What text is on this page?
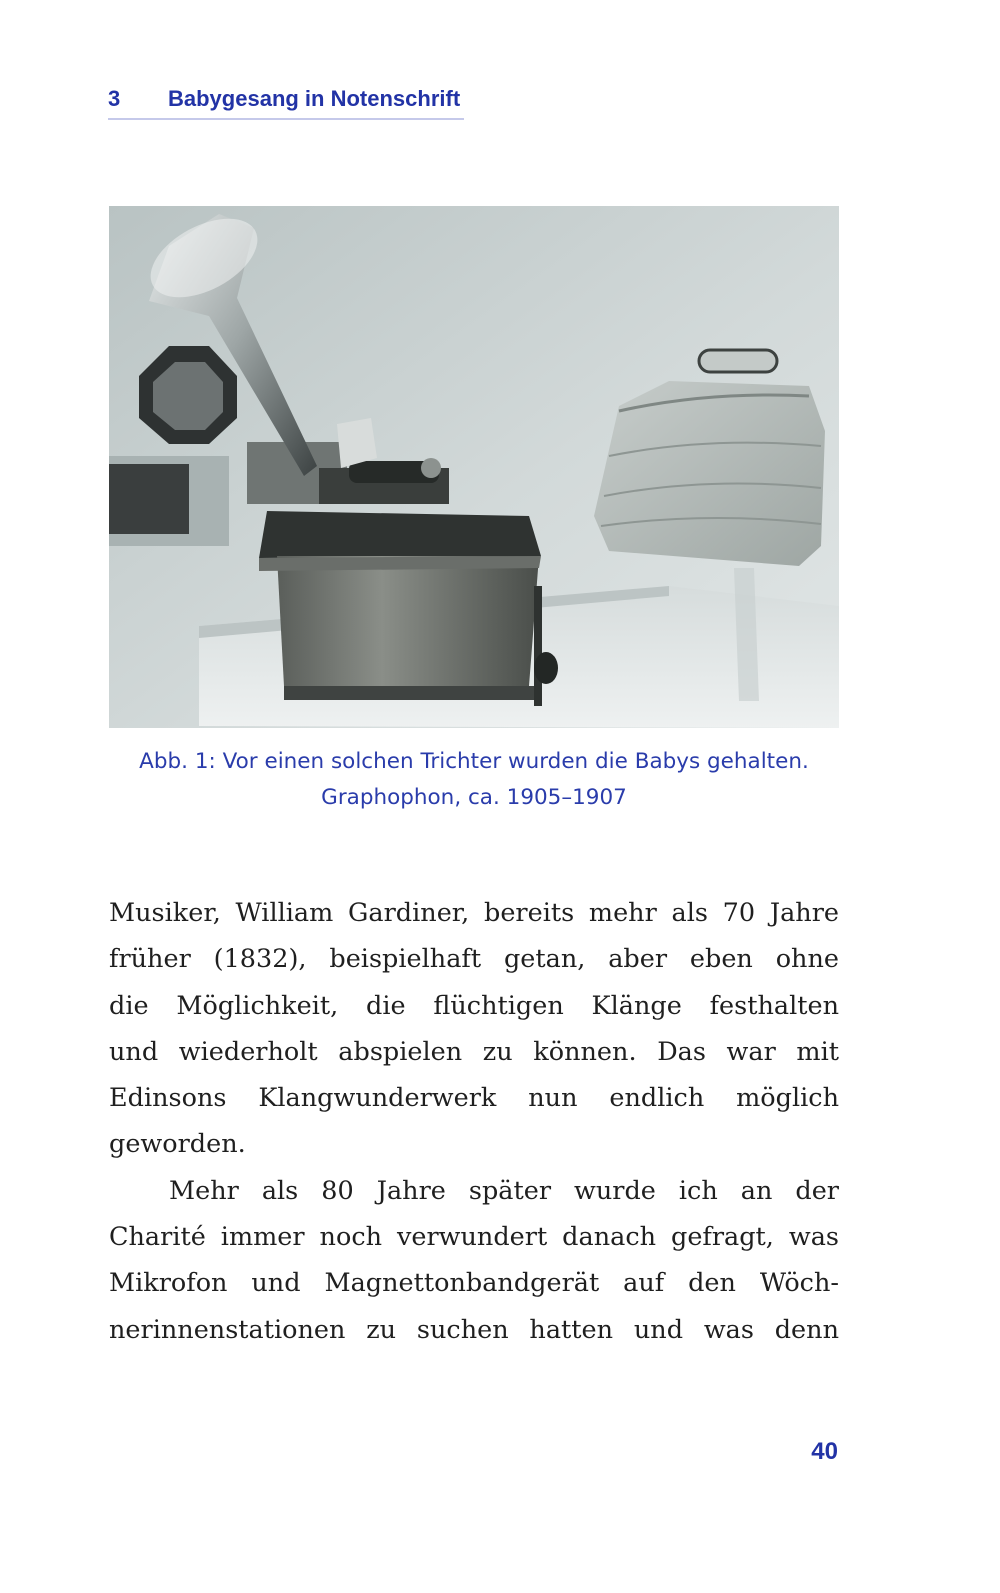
3 Babygesang in Notenschrift
Abb. 1: Vor einen solchen Trichter wurden die Babys gehalten.
Graphophon, ca. 1905–1907
Musiker, William Gardiner, bereits mehr als 70 Jahre
früher (1832), beispielhaft getan, aber eben ohne
die Möglichkeit, die flüchtigen Klänge festhalten
und wiederholt abspielen zu können. Das war mit
Edinsons Klangwunderwerk nun endlich möglich
geworden.
Mehr als 80 Jahre später wurde ich an der
Charité immer noch verwundert danach gefragt, was
Mikrofon und Magnettonbandgerät auf den Wöch-
nerinnenstationen zu suchen hatten und was denn
40
